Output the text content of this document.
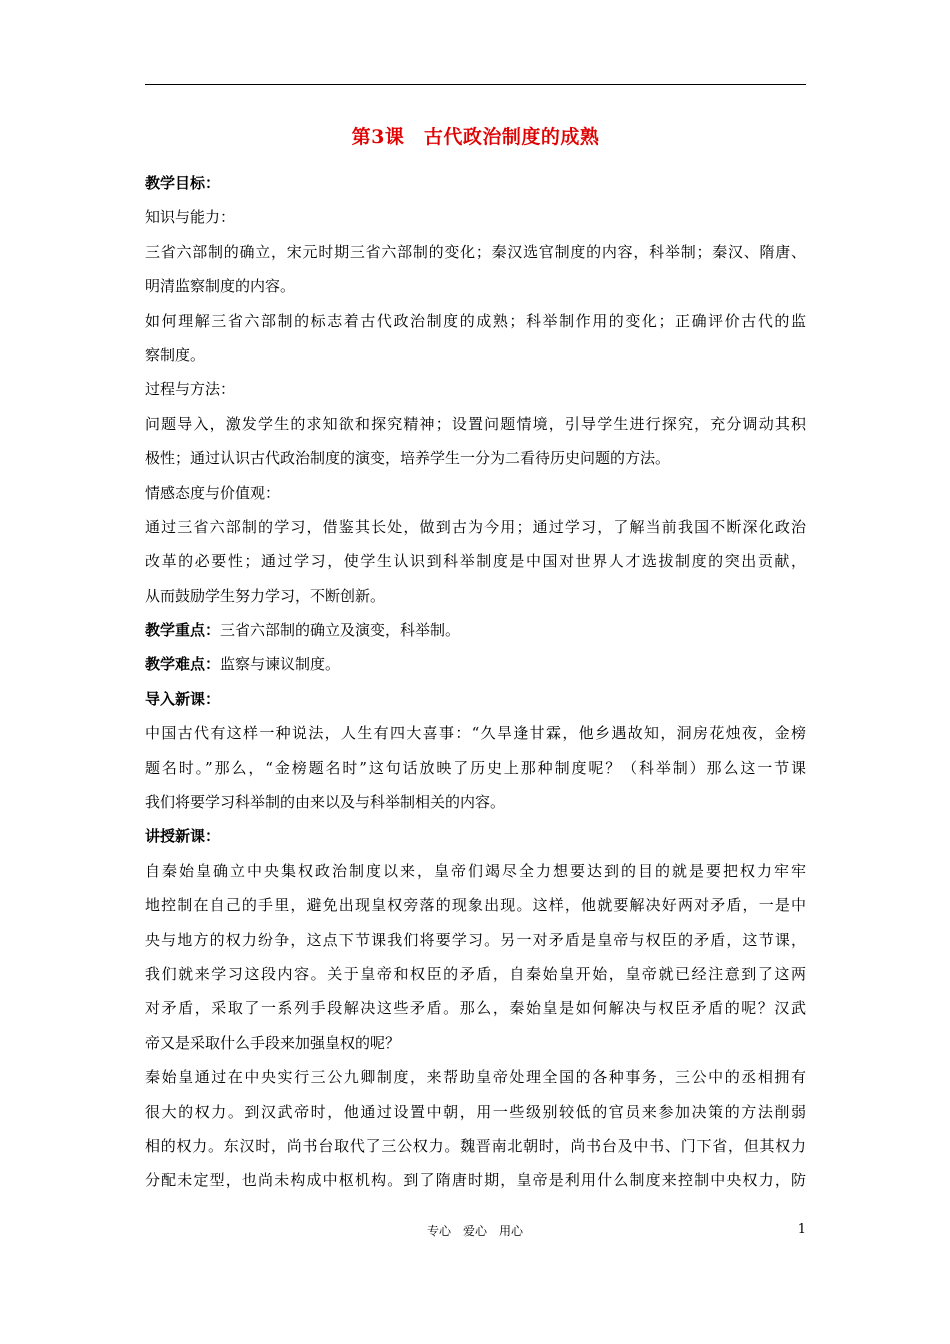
第3课　古代政治制度的成熟
教学目标：
知识与能力：
三省六部制的确立，宋元时期三省六部制的变化；秦汉选官制度的内容，科举制；秦汉、隋唐、
明清监察制度的内容。
如何理解三省六部制的标志着古代政治制度的成熟；科举制作用的变化；正确评价古代的监
察制度。
过程与方法：
问题导入，激发学生的求知欲和探究精神；设置问题情境，引导学生进行探究，充分调动其积
极性；通过认识古代政治制度的演变，培养学生一分为二看待历史问题的方法。
情感态度与价值观：
通过三省六部制的学习，借鉴其长处，做到古为今用；通过学习，了解当前我国不断深化政治
改革的必要性；通过学习，使学生认识到科举制度是中国对世界人才选拔制度的突出贡献，
从而鼓励学生努力学习，不断创新。
教学重点：三省六部制的确立及演变，科举制。
教学难点：监察与谏议制度。
导入新课：
中国古代有这样一种说法，人生有四大喜事：“久旱逢甘霖，他乡遇故知，洞房花烛夜，金榜
题名时。”那么，“金榜题名时”这句话放映了历史上那种制度呢？（科举制）那么这一节课
我们将要学习科举制的由来以及与科举制相关的内容。
讲授新课：
自秦始皇确立中央集权政治制度以来，皇帝们竭尽全力想要达到的目的就是要把权力牢牢
地控制在自己的手里，避免出现皇权旁落的现象出现。这样，他就要解决好两对矛盾，一是中
央与地方的权力纷争，这点下节课我们将要学习。另一对矛盾是皇帝与权臣的矛盾，这节课，
我们就来学习这段内容。关于皇帝和权臣的矛盾，自秦始皇开始，皇帝就已经注意到了这两
对矛盾，采取了一系列手段解决这些矛盾。那么，秦始皇是如何解决与权臣矛盾的呢？汉武
帝又是采取什么手段来加强皇权的呢？
秦始皇通过在中央实行三公九卿制度，来帮助皇帝处理全国的各种事务，三公中的丞相拥有
很大的权力。到汉武帝时，他通过设置中朝，用一些级别较低的官员来参加决策的方法削弱
相的权力。东汉时，尚书台取代了三公权力。魏晋南北朝时，尚书台及中书、门下省，但其权力
分配未定型，也尚未构成中枢机构。到了隋唐时期，皇帝是利用什么制度来控制中央权力，防
专心　爱心　用心	1
